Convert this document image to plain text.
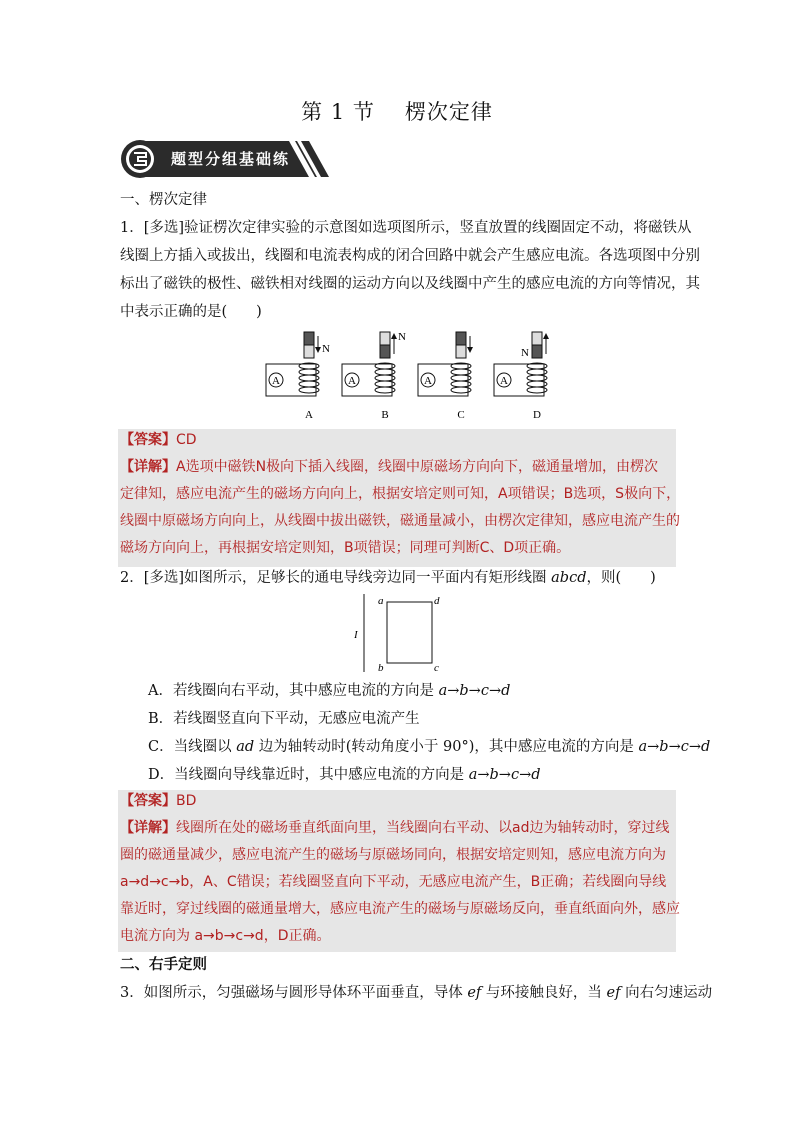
第 1 节 楞次定律
题型分组基础练
一、楞次定律
1．[多选]验证楞次定律实验的示意图如选项图所示，竖直放置的线圈固定不动，将磁铁从
线圈上方插入或拔出，线圈和电流表构成的闭合回路中就会产生感应电流。各选项图中分别
标出了磁铁的极性、磁铁相对线圈的运动方向以及线圈中产生的感应电流的方向等情况，其
中表示正确的是(　　)
A
N
A
A
N
B
A
C
A
N
D
【答案】CD
【详解】A选项中磁铁N极向下插入线圈，线圈中原磁场方向向下，磁通量增加，由楞次
定律知，感应电流产生的磁场方向向上，根据安培定则可知，A项错误；B选项，S极向下，
线圈中原磁场方向向上，从线圈中拔出磁铁，磁通量减小，由楞次定律知，感应电流产生的
磁场方向向上，再根据安培定则知，B项错误；同理可判断C、D项正确。
2．[多选]如图所示，足够长的通电导线旁边同一平面内有矩形线圈 abcd，则(　　)
I
a	d
b	c
A．若线圈向右平动，其中感应电流的方向是 a→b→c→d
B．若线圈竖直向下平动，无感应电流产生
C．当线圈以 ad 边为轴转动时(转动角度小于 90°)，其中感应电流的方向是 a→b→c→d
D．当线圈向导线靠近时，其中感应电流的方向是 a→b→c→d
【答案】BD
【详解】线圈所在处的磁场垂直纸面向里，当线圈向右平动、以ad边为轴转动时，穿过线
圈的磁通量减少，感应电流产生的磁场与原磁场同向，根据安培定则知，感应电流方向为
a→d→c→b，A、C错误；若线圈竖直向下平动，无感应电流产生，B正确；若线圈向导线
靠近时，穿过线圈的磁通量增大，感应电流产生的磁场与原磁场反向，垂直纸面向外，感应
电流方向为 a→b→c→d，D正确。
二、右手定则
3．如图所示，匀强磁场与圆形导体环平面垂直，导体 ef 与环接触良好，当 ef 向右匀速运动
